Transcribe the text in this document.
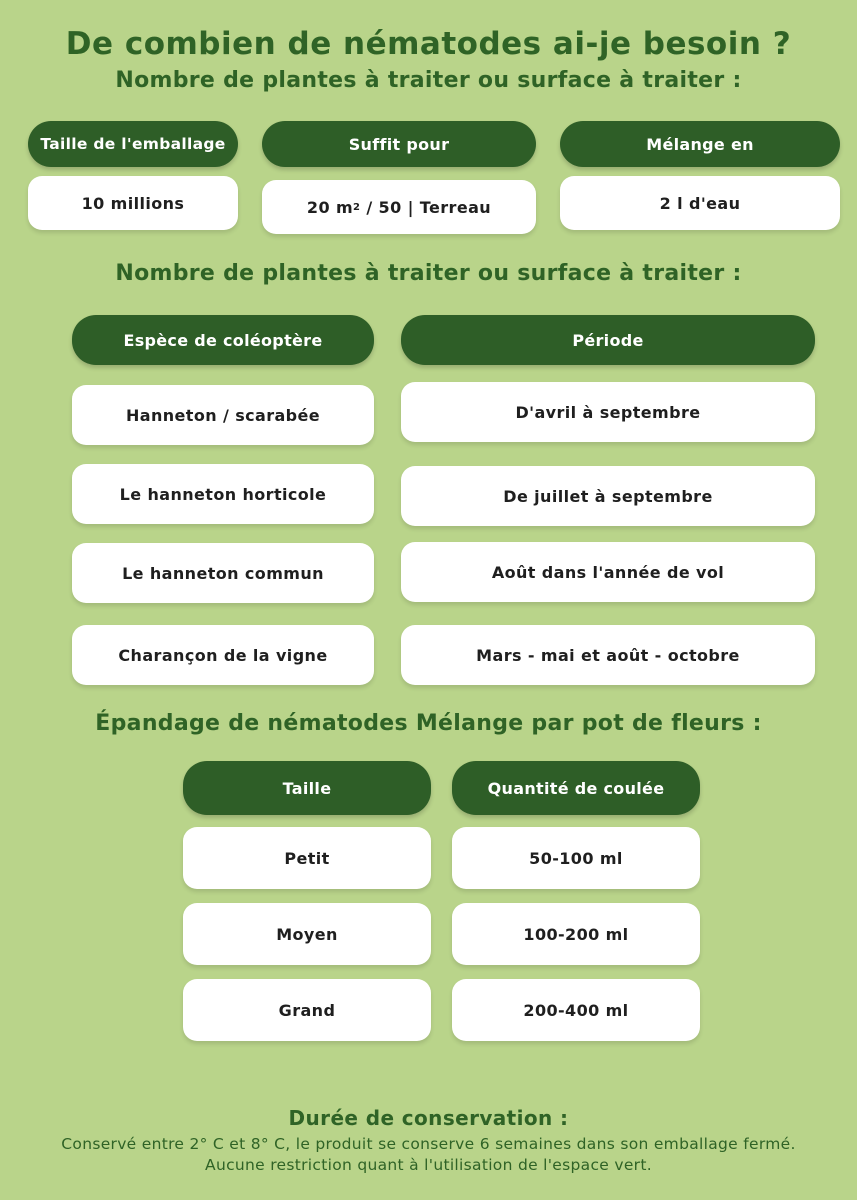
De combien de nématodes ai-je besoin ?
Nombre de plantes à traiter ou surface à traiter :
Taille de l'emballage	Suffit pour	Mélange en
10 millions	20 m 2 / 50 | Terreau	2 l d'eau
Nombre de plantes à traiter ou surface à traiter :
Espèce de coléoptère	Période
Hanneton / scarabée	D'avril à septembre
Le hanneton horticole	De juillet à septembre
Le hanneton commun	Août dans l'année de vol
Charançon de la vigne	Mars - mai et août - octobre
Épandage de nématodes Mélange par pot de fleurs :
Taille	Quantité de coulée
Petit	50-100 ml
Moyen	100-200 ml
Grand	200-400 ml
Durée de conservation :
Conservé entre 2° C et 8° C, le produit se conserve 6 semaines dans son emballage fermé. Aucune restriction quant à l'utilisation de l'espace vert.
